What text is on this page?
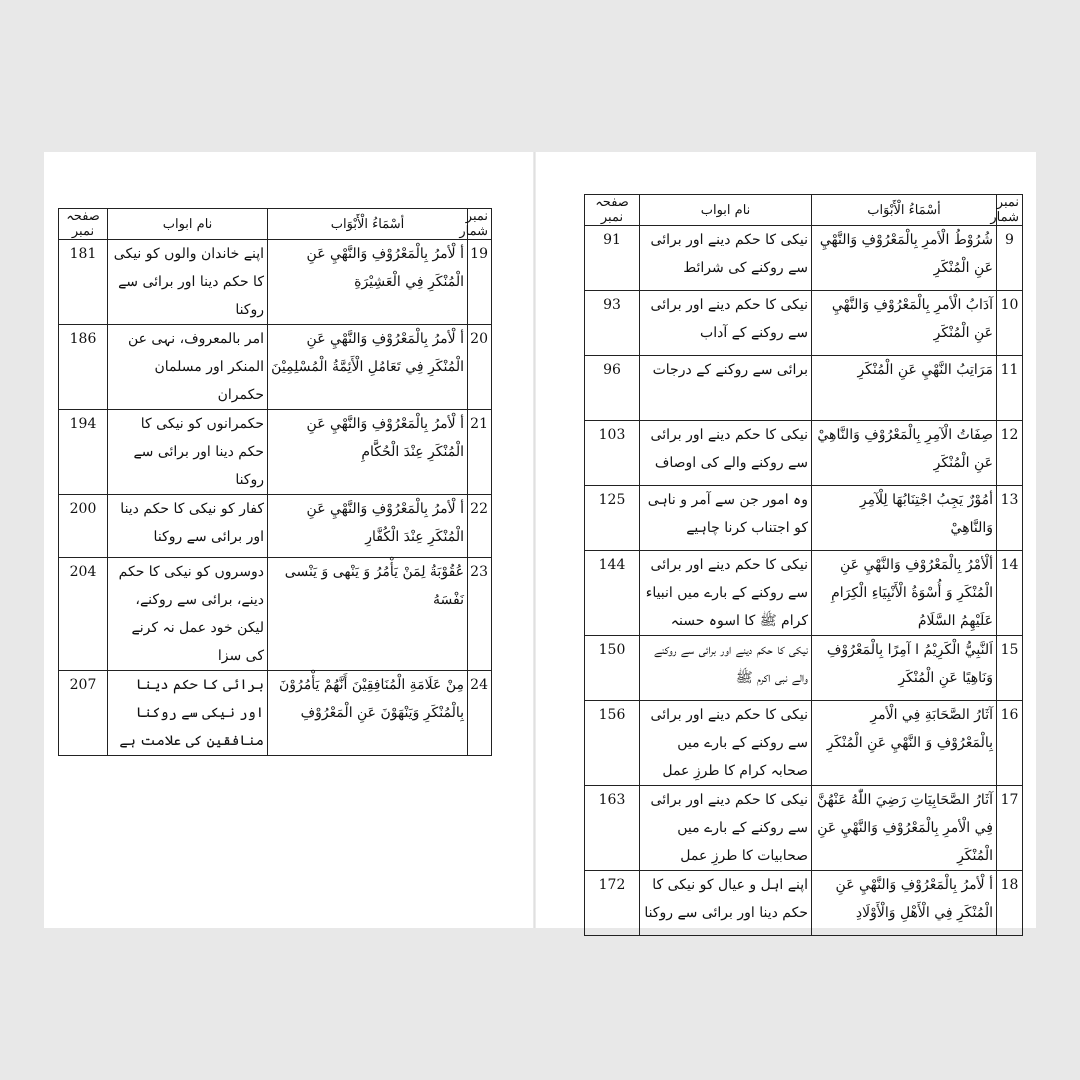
نمبر شمار	أسْمَاءُ الْأَبْوَاب	نام ابواب	صفحہ نمبر
19	أ لْأمرُ بِالْمَعْرُوْفِ وَالنَّهْيِ عَنِ الْمُنْكَرِ فِي الْعَشِيْرَةِ	اپنے خاندان والوں کو نیکی کا حکم دینا اور برائی سے روکنا	181
20	أ لْأمرُ بِالْمَعْرُوْفِ وَالنَّهْيِ عَنِ الْمُنْكَرِ فِي تَعَامُلِ الْأَئِمَّةُ الْمُسْلِمِيْنَ	امر بالمعروف، نہی عن المنکر اور مسلمان حکمران	186
21	أ لْأمرُ بِالْمَعْرُوْفِ وَالنَّهْيِ عَنِ الْمُنْكَرِ عِنْدَ الْحُكَّامِ	حکمرانوں کو نیکی کا حکم دینا اور برائی سے روکنا	194
22	أ لْأمرُ بِالْمَعْرُوْفِ وَالنَّهْيِ عَنِ الْمُنْكَرِ عِنْدَ الْكُفَّارِ	کفار کو نیکی کا حکم دینا اور برائی سے روکنا	200
23	عُقُوْبَةُ لِمَنْ يَأْمُرُ وَ يَنْهى وَ يَنْسى نَفْسَهُ	دوسروں کو نیکی کا حکم دینے، برائی سے روکنے، لیکن خود عمل نہ کرنے کی سزا	204
24	مِنْ عَلَامَةِ الْمُنَافِقِيْنَ أَنَّهُمْ يَأْمُرُوْنَ بِالْمُنْكَرِ وَيَنْهَوْنَ عَنِ الْمَعْرُوْفِ	برائی کا حکم دینا اور نیکی سے روکنا منافقین کی علامت ہے	207
نمبر شمار	أسْمَاءُ الْأَبْوَاب	نام ابواب	صفحہ نمبر
9	شُرُوْطُ الْأمرِ بِالْمَعْرُوْفِ وَالنَّهْيِ عَنِ الْمُنْكَرِ	نیکی کا حکم دینے اور برائی سے روکنے کی شرائط	91
10	آدَابُ الْأمرِ بِالْمَعْرُوْفِ وَالنَّهْيِ عَنِ الْمُنْكَرِ	نیکی کا حکم دینے اور برائی سے روکنے کے آداب	93
11	مَرَاتِبُ النَّهْيِ عَنِ الْمُنْكَرِ	برائی سے روکنے کے درجات	96
12	صِفَاتُ الْآمِرِ بِالْمَعْرُوْفِ وَالنَّاهِيْ عَنِ الْمُنْكَرِ	نیکی کا حکم دینے اور برائی سے روکنے والے کی اوصاف	103
13	أمُوْرٌ يَجِبُ اجْتِنَابُهَا لِلْآمِرِ وَالنَّاهِيْ	وہ امور جن سے آمر و ناہی کو اجتناب کرنا چاہیے	125
14	ألْأمْرُ بِالْمَعْرُوْفِ وَالنَّهْيِ عَنِ الْمُنْكَرِ وَ أُسْوَةُ الْأَنْبِيَاءِ الْكِرَامِ عَلَيْهِمُ السَّلَامُ	نیکی کا حکم دینے اور برائی سے روکنے کے بارے میں انبیاء کرام ﷺ کا اسوہ حسنہ	144
15	اَلنَّبِيُّ الْكَرِيْمُ ا آمِرًا بِالْمَعْرُوْفِ وَنَاهِيًا عَنِ الْمُنْكَرِ	نیکی کا حکم دینے اور برائی سے روکنے والے نبی اکرم ﷺ	150
16	آثَارُ الصَّحَابَةِ فِي الْأمرِ بِالْمَعْرُوْفِ وَ النَّهْيِ عَنِ الْمُنْكَرِ	نیکی کا حکم دینے اور برائی سے روکنے کے بارے میں صحابہ کرام کا طرزِ عمل	156
17	آثَارُ الصَّحَابِيَاتِ رَضِيَ اللّٰهُ عَنْهُنَّ فِي الْأمرِ بِالْمَعْرُوْفِ وَالنَّهْيِ عَنِ الْمُنْكَرِ	نیکی کا حکم دینے اور برائی سے روکنے کے بارے میں صحابیات کا طرزِ عمل	163
18	أ لْأمرُ بِالْمَعْرُوْفِ وَالنَّهْيِ عَنِ الْمُنْكَرِ فِي الْأَهْلِ وَالْأَوْلَادِ	اپنے اہل و عیال کو نیکی کا حکم دینا اور برائی سے روکنا	172
